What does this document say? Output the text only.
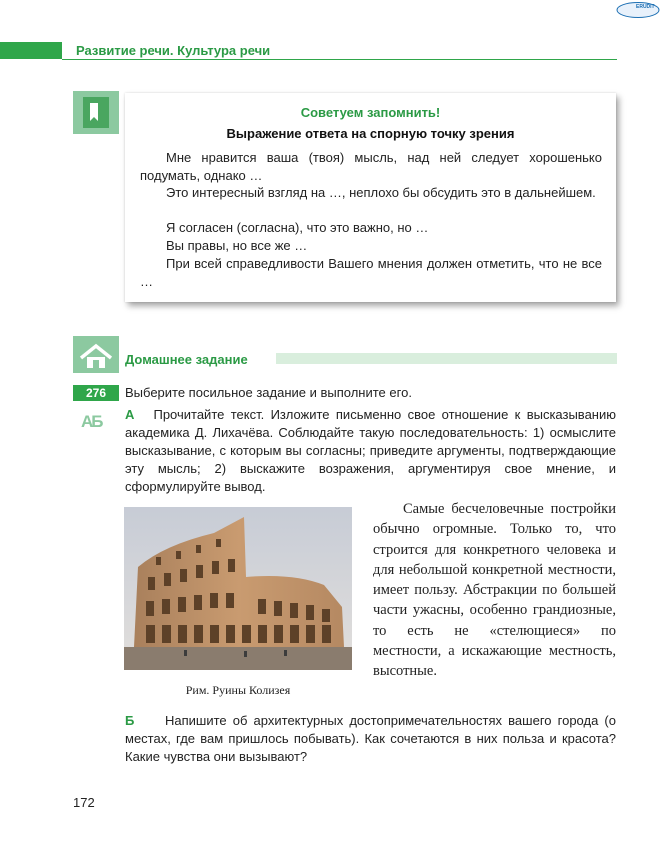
ERUDIT
Развитие речи. Культура речи
Советуем запомнить!
Выражение ответа на спорную точку зрения

Мне нравится ваша (твоя) мысль, над ней следует хорошенько подумать, однако …

Это интересный взгляд на …, неплохо бы обсудить это в дальнейшем.

Я согласен (согласна), что это важно, но …

Вы правы, но все же …

При всей справедливости Вашего мнения должен отметить, что не все …

Домашнее задание
276	Выберите посильное задание и выполните его.
АБ А Прочитайте текст. Изложите письменно свое отношение к высказыванию академика Д. Лихачёва. Соблюдайте такую последовательность: 1) осмыслите высказывание, с которым вы согласны; приведите аргументы, подтверждающие эту мысль; 2) выскажите возражения, аргументируя свое мнение, и сформулируйте вывод.

Рим. Руины Колизея

Самые бесчеловечные постройки обычно огромные. Только то, что строится для конкретного человека и для небольшой конкретной местности, имеет пользу. Абстракции по большей части ужасны, особенно грандиозные, то есть не «стелющиеся» по местности, а искажающие местность, высотные.

Б Напишите об архитектурных достопримечательностях вашего города (о местах, где вам пришлось побывать). Как сочетаются в них польза и красота? Какие чувства они вызывают?

172
